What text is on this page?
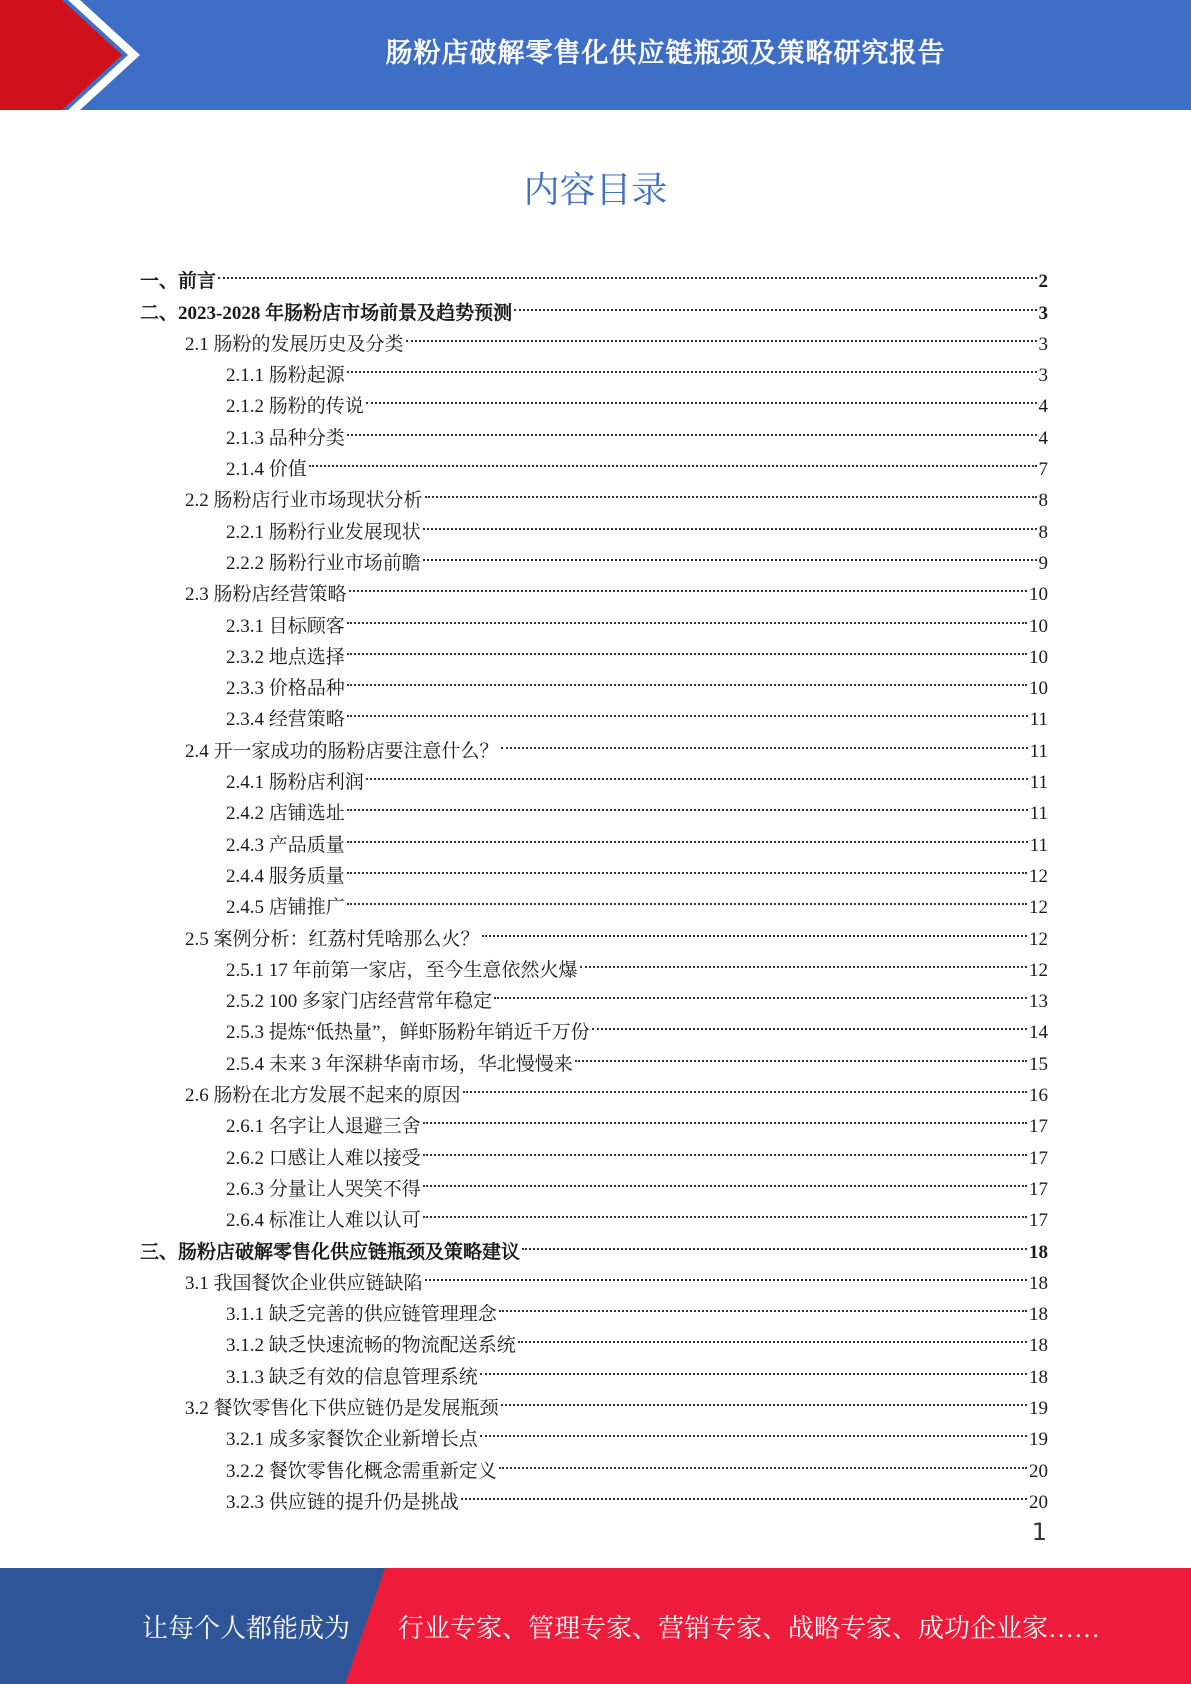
肠粉店破解零售化供应链瓶颈及策略研究报告
内容目录
一、前言	2
二、2023-2028 年肠粉店市场前景及趋势预测	3
2.1 肠粉的发展历史及分类	3
2.1.1 肠粉起源	3
2.1.2 肠粉的传说	4
2.1.3 品种分类	4
2.1.4 价值	7
2.2 肠粉店行业市场现状分析	8
2.2.1 肠粉行业发展现状	8
2.2.2 肠粉行业市场前瞻	9
2.3 肠粉店经营策略	10
2.3.1 目标顾客	10
2.3.2 地点选择	10
2.3.3 价格品种	10
2.3.4 经营策略	11
2.4 开一家成功的肠粉店要注意什么？	11
2.4.1 肠粉店利润	11
2.4.2 店铺选址	11
2.4.3 产品质量	11
2.4.4 服务质量	12
2.4.5 店铺推广	12
2.5 案例分析：红荔村凭啥那么火？	12
2.5.1 17 年前第一家店，至今生意依然火爆	12
2.5.2 100 多家门店经营常年稳定	13
2.5.3 提炼“低热量”，鲜虾肠粉年销近千万份	14
2.5.4 未来 3 年深耕华南市场，华北慢慢来	15
2.6 肠粉在北方发展不起来的原因	16
2.6.1 名字让人退避三舍	17
2.6.2 口感让人难以接受	17
2.6.3 分量让人哭笑不得	17
2.6.4 标准让人难以认可	17
三、肠粉店破解零售化供应链瓶颈及策略建议	18
3.1 我国餐饮企业供应链缺陷	18
3.1.1 缺乏完善的供应链管理理念	18
3.1.2 缺乏快速流畅的物流配送系统	18
3.1.3 缺乏有效的信息管理系统	18
3.2 餐饮零售化下供应链仍是发展瓶颈	19
3.2.1 成多家餐饮企业新增长点	19
3.2.2 餐饮零售化概念需重新定义	20
3.2.3 供应链的提升仍是挑战	20
1
让每个人都能成为 行业专家、管理专家、营销专家、战略专家、成功企业家……
